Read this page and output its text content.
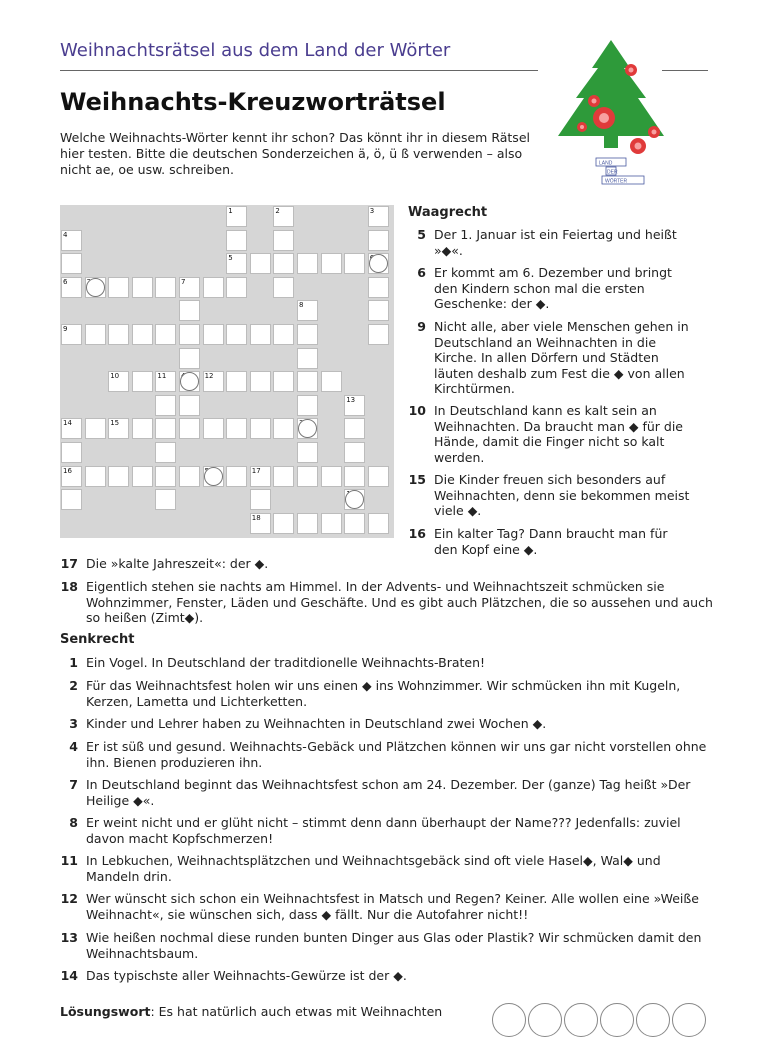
Weihnachtsrätsel aus dem Land der Wörter
Weihnachts-Kreuzworträtsel
Welche Weihnachts-Wörter kennt ihr schon? Das könnt ihr in diesem Rätsel hier testen. Bitte die deutschen Sonderzeichen ä, ö, ü ß verwenden – also nicht ae, oe usw. schreiben.	LAND
DER
WÖRTER
1	2	3
4
5
6	7
8
9
10	11	12
13
14	15
16	17
18
Waagrecht
5 Der 1. Januar ist ein Feiertag und heißt »◆«.
6 Er kommt am 6. Dezember und bringt den Kindern schon mal die ersten Geschenke: der ◆.
9 Nicht alle, aber viele Menschen gehen in Deutschland an Weihnachten in die Kirche. In allen Dörfern und Städten läuten deshalb zum Fest die ◆ von allen Kirchtürmen.
10 In Deutschland kann es kalt sein an Weihnachten. Da braucht man ◆ für die Hände, damit die Finger nicht so kalt werden.
15 Die Kinder freuen sich besonders auf Weihnachten, denn sie bekommen meist viele ◆.
16 Ein kalter Tag? Dann braucht man für den Kopf eine ◆.
17 Die »kalte Jahreszeit«: der ◆.
18 Eigentlich stehen sie nachts am Himmel. In der Advents- und Weihnachtszeit schmücken sie Wohnzimmer, Fenster, Läden und Geschäfte. Und es gibt auch Plätzchen, die so aussehen und auch so heißen (Zimt◆).
1 Ein Vogel. In Deutschland der traditdionelle Weihnachts-Braten!
2 Für das Weihnachtsfest holen wir uns einen ◆ ins Wohnzimmer. Wir schmücken ihn mit Kugeln, Kerzen, Lametta und Lichterketten.
3 Kinder und Lehrer haben zu Weihnachten in Deutschland zwei Wochen ◆.
4 Er ist süß und gesund. Weihnachts-Gebäck und Plätzchen können wir uns gar nicht vorstellen ohne ihn. Bienen produzieren ihn.
7 In Deutschland beginnt das Weihnachtsfest schon am 24. Dezember. Der (ganze) Tag heißt »Der Heilige ◆«.
8 Er weint nicht und er glüht nicht – stimmt denn dann überhaupt der Name??? Jedenfalls: zuviel davon macht Kopfschmerzen!
11 In Lebkuchen, Weihnachtsplätzchen und Weihnachtsgebäck sind oft viele Hasel◆, Wal◆ und Mandeln drin.
12 Wer wünscht sich schon ein Weihnachtsfest in Matsch und Regen? Keiner. Alle wollen eine »Weiße Weihnacht«, sie wünschen sich, dass ◆ fällt. Nur die Autofahrer nicht!!
13 Wie heißen nochmal diese runden bunten Dinger aus Glas oder Plastik? Wir schmücken damit den Weihnachtsbaum.
14 Das typischste aller Weihnachts-Gewürze ist der ◆.
Senkrecht
Lösungswort: Es hat natürlich auch etwas mit Weihnachten
